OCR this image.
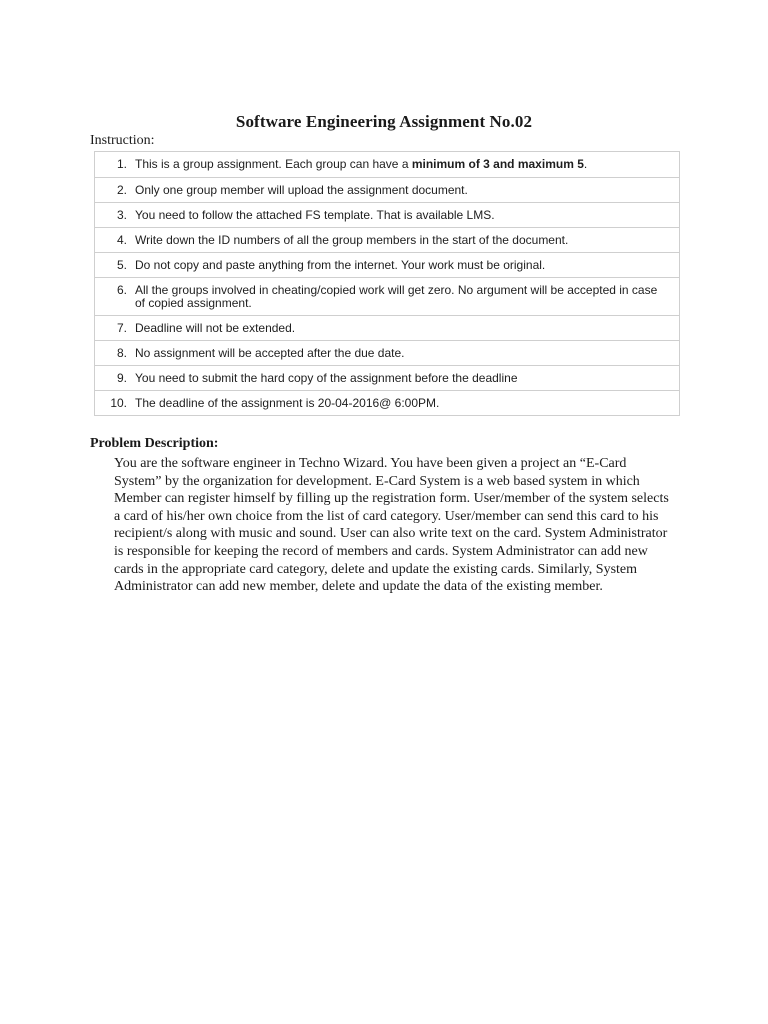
Software Engineering Assignment No.02
Instruction:
1. This is a group assignment. Each group can have a minimum of 3 and maximum 5.
2. Only one group member will upload the assignment document.
3. You need to follow the attached FS template. That is available LMS.
4. Write down the ID numbers of all the group members in the start of the document.
5. Do not copy and paste anything from the internet. Your work must be original.
6. All the groups involved in cheating/copied work will get zero. No argument will be accepted in case of copied assignment.
7. Deadline will not be extended.
8. No assignment will be accepted after the due date.
9. You need to submit the hard copy of the assignment before the deadline
10. The deadline of the assignment is 20-04-2016@ 6:00PM.
Problem Description:
You are the software engineer in Techno Wizard. You have been given a project an “E-Card System” by the organization for development. E-Card System is a web based system in which Member can register himself by filling up the registration form. User/member of the system selects a card of his/her own choice from the list of card category. User/member can send this card to his recipient/s along with music and sound. User can also write text on the card. System Administrator is responsible for keeping the record of members and cards. System Administrator can add new cards in the appropriate card category, delete and update the existing cards. Similarly, System Administrator can add new member, delete and update the data of the existing member.
